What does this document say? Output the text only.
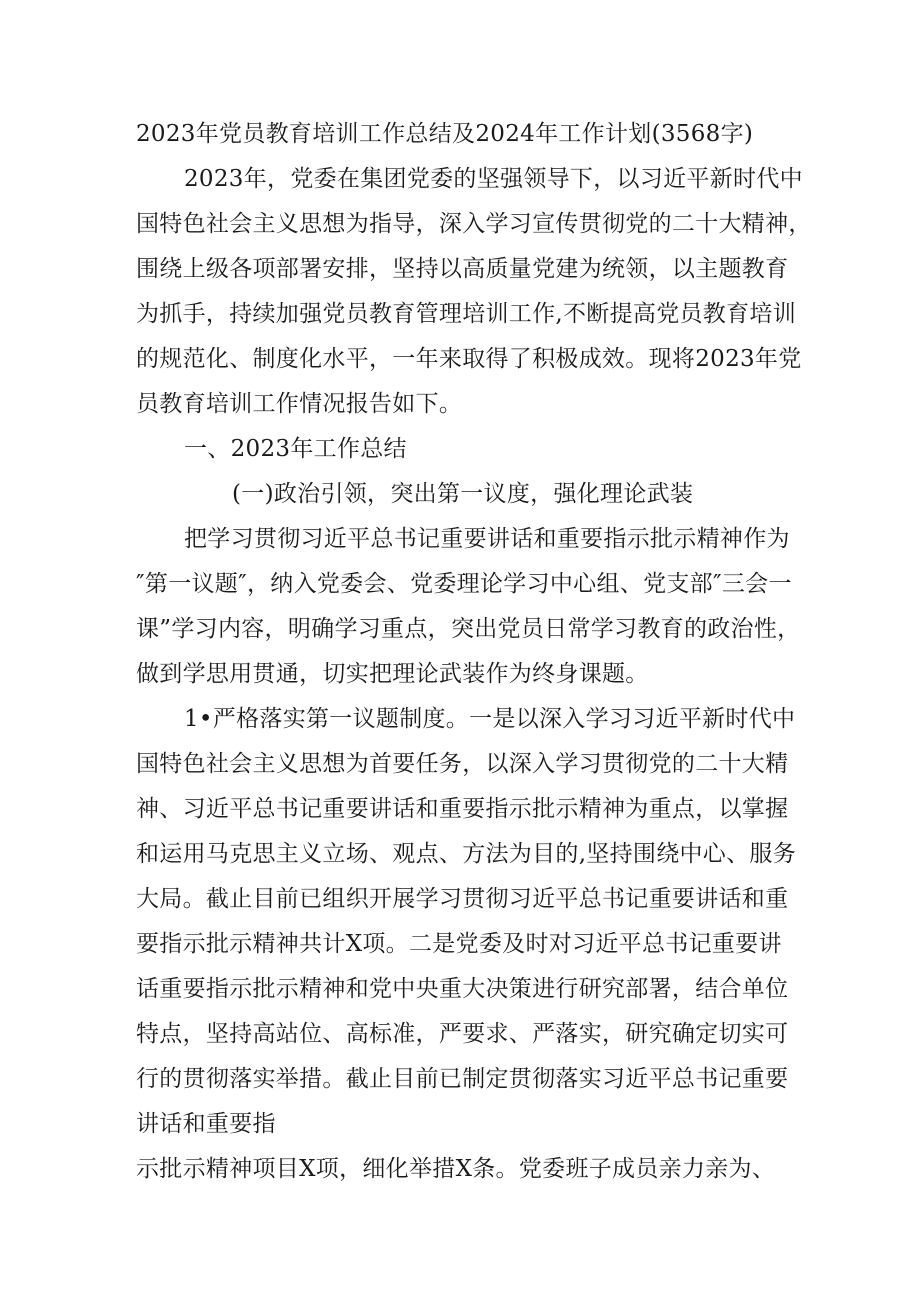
2023年党员教育培训工作总结及2024年工作计划(3568字)
2023年，党委在集团党委的坚强领导下，以习近平新时代中
国特色社会主义思想为指导，深入学习宣传贯彻党的二十大精神，
围绕上级各项部署安排，坚持以高质量党建为统领，以主题教育
为抓手，持续加强党员教育管理培训工作,不断提高党员教育培训
的规范化、制度化水平，一年来取得了积极成效。现将2023年党
员教育培训工作情况报告如下。
一、2023年工作总结
(一)政治引领，突出第一议度，强化理论武装
把学习贯彻习近平总书记重要讲话和重要指示批示精神作为
″第一议题″，纳入党委会、党委理论学习中心组、党支部″三会一
课”学习内容，明确学习重点，突出党员日常学习教育的政治性，
做到学思用贯通，切实把理论武装作为终身课题。
1•严格落实第一议题制度。一是以深入学习习近平新时代中
国特色社会主义思想为首要任务，以深入学习贯彻党的二十大精
神、习近平总书记重要讲话和重要指示批示精神为重点，以掌握
和运用马克思主义立场、观点、方法为目的,坚持围绕中心、服务
大局。截止目前已组织开展学习贯彻习近平总书记重要讲话和重
要指示批示精神共计X项。二是党委及时对习近平总书记重要讲
话重要指示批示精神和党中央重大决策进行研究部署，结合单位
特点，坚持高站位、高标准，严要求、严落实，研究确定切实可
行的贯彻落实举措。截止目前已制定贯彻落实习近平总书记重要
讲话和重要指
示批示精神项目X项，细化举措X条。党委班子成员亲力亲为、
